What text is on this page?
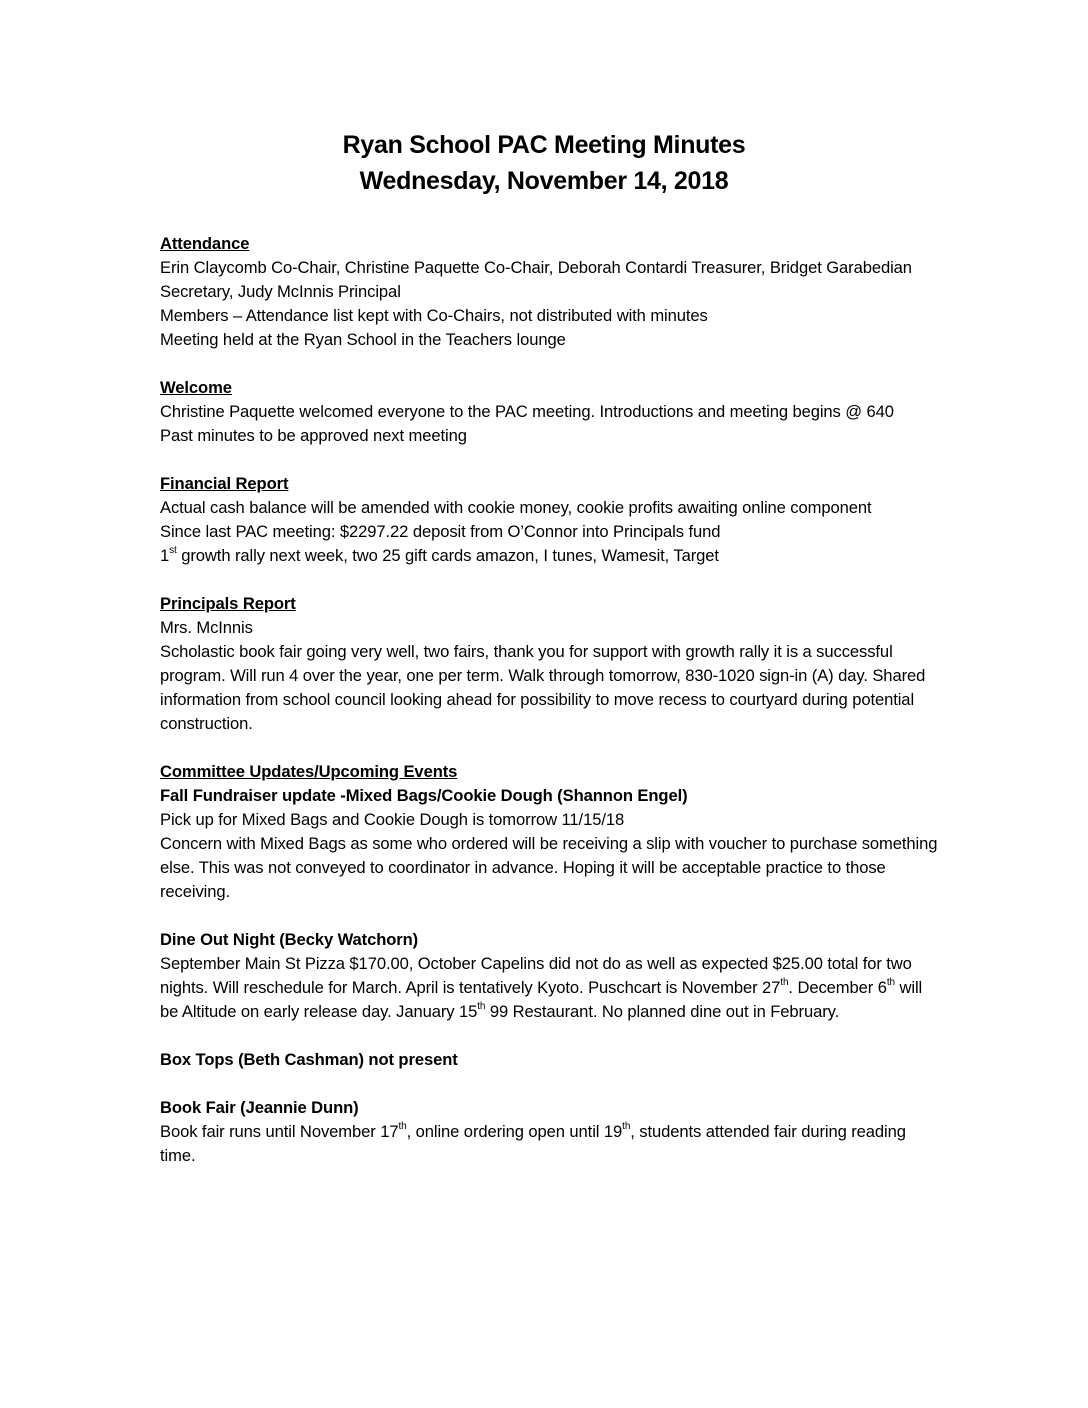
Ryan School PAC Meeting Minutes
Wednesday, November 14, 2018
Attendance
Erin Claycomb Co-Chair, Christine Paquette Co-Chair, Deborah Contardi Treasurer, Bridget Garabedian Secretary, Judy McInnis Principal
Members – Attendance list kept with Co-Chairs, not distributed with minutes
Meeting held at the Ryan School in the Teachers lounge
Welcome
Christine Paquette welcomed everyone to the PAC meeting. Introductions and meeting begins @ 640
Past minutes to be approved next meeting
Financial Report
Actual cash balance will be amended with cookie money, cookie profits awaiting online component
Since last PAC meeting: $2297.22 deposit from O’Connor into Principals fund
1st growth rally next week, two 25 gift cards amazon, I tunes, Wamesit, Target
Principals Report
Mrs. McInnis
Scholastic book fair going very well, two fairs, thank you for support with growth rally it is a successful program. Will run 4 over the year, one per term. Walk through tomorrow, 830-1020 sign-in (A) day. Shared information from school council looking ahead for possibility to move recess to courtyard during potential construction.
Committee Updates/Upcoming Events
Fall Fundraiser update -Mixed Bags/Cookie Dough (Shannon Engel)
Pick up for Mixed Bags and Cookie Dough is tomorrow 11/15/18
Concern with Mixed Bags as some who ordered will be receiving a slip with voucher to purchase something else. This was not conveyed to coordinator in advance. Hoping it will be acceptable practice to those receiving.
Dine Out Night (Becky Watchorn)

September Main St Pizza $170.00, October Capelins did not do as well as expected $25.00 total for two nights. Will reschedule for March. April is tentatively Kyoto. Puschcart is November 27th. December 6th will be Altitude on early release day. January 15th 99 Restaurant. No planned dine out in February.

Box Tops (Beth Cashman) not present
Book Fair (Jeannie Dunn)

Book fair runs until November 17th, online ordering open until 19th, students attended fair during reading time.
